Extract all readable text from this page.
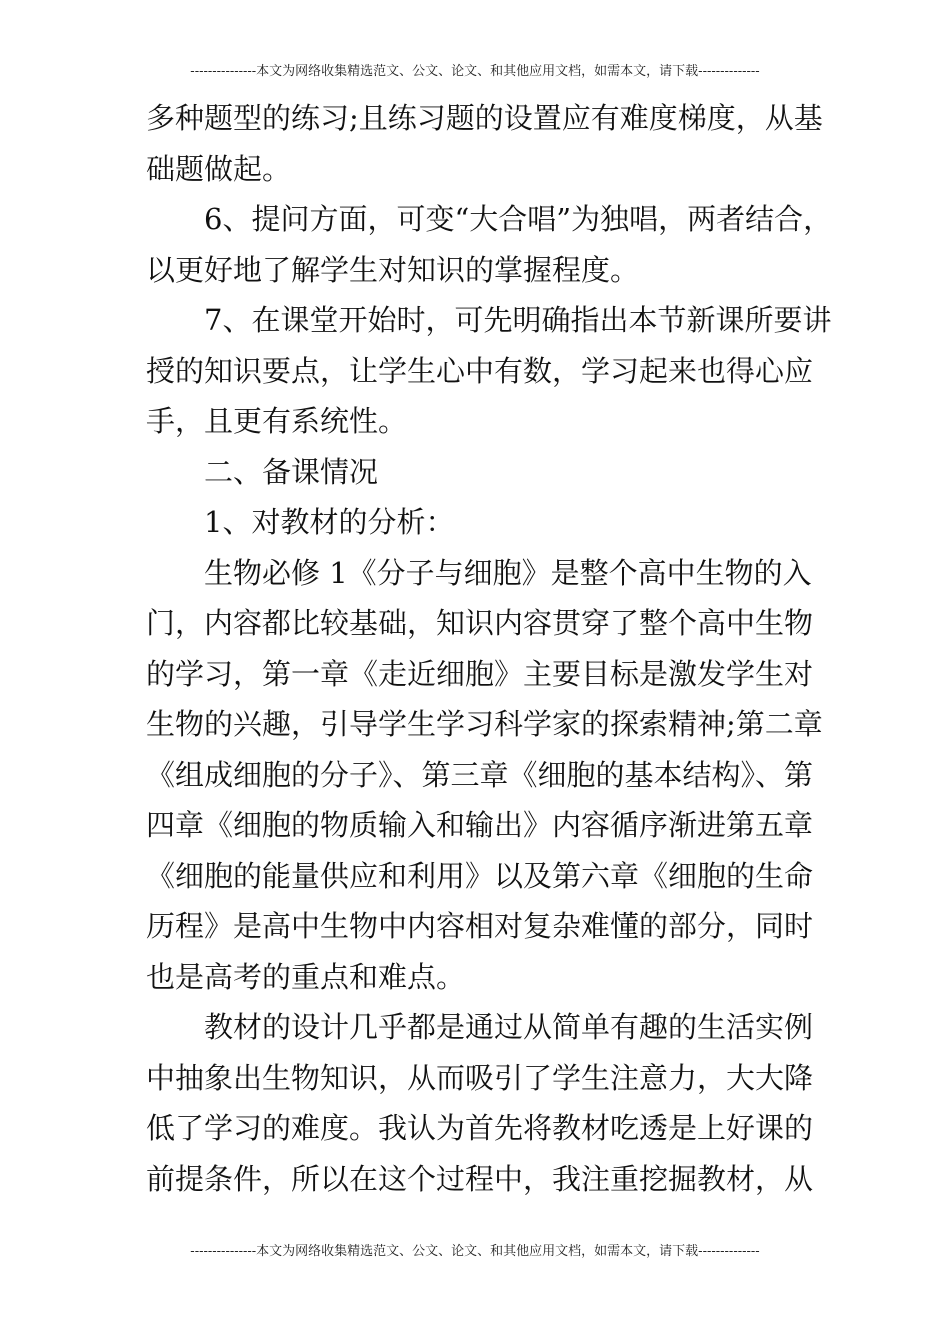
---------------本文为网络收集精选范文、公文、论文、和其他应用文档，如需本文，请下载--------------
多种题型的练习;且练习题的设置应有难度梯度，从基
础题做起。
6、提问方面，可变“大合唱”为独唱，两者结合，
以更好地了解学生对知识的掌握程度。
7、在课堂开始时，可先明确指出本节新课所要讲
授的知识要点，让学生心中有数，学习起来也得心应
手，且更有系统性。
二、备课情况
1、对教材的分析：
生物必修 1《分子与细胞》是整个高中生物的入
门，内容都比较基础，知识内容贯穿了整个高中生物
的学习，第一章《走近细胞》主要目标是激发学生对
生物的兴趣，引导学生学习科学家的探索精神;第二章
《组成细胞的分子》、第三章《细胞的基本结构》、第
四章《细胞的物质输入和输出》内容循序渐进第五章
《细胞的能量供应和利用》以及第六章《细胞的生命
历程》是高中生物中内容相对复杂难懂的部分，同时
也是高考的重点和难点。
教材的设计几乎都是通过从简单有趣的生活实例
中抽象出生物知识，从而吸引了学生注意力，大大降
低了学习的难度。我认为首先将教材吃透是上好课的
前提条件，所以在这个过程中，我注重挖掘教材，从
---------------本文为网络收集精选范文、公文、论文、和其他应用文档，如需本文，请下载--------------
